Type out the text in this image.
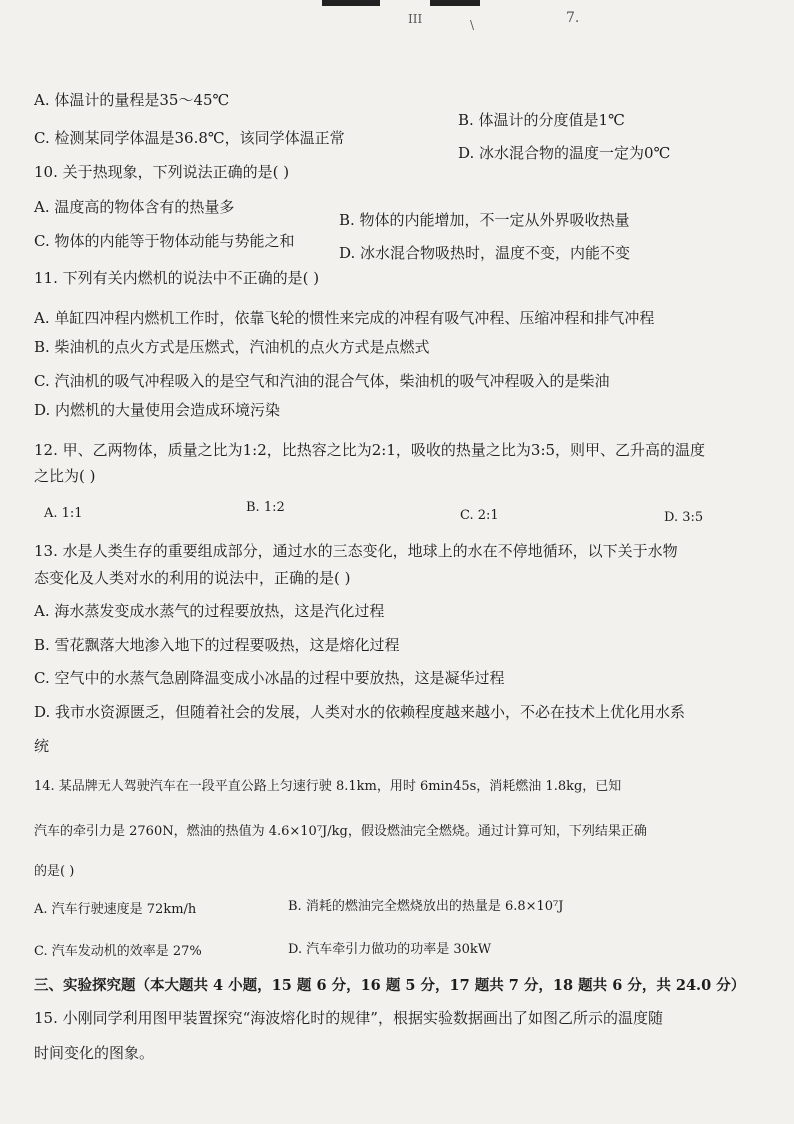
III	\	7.
A. 体温计的量程是35～45℃
B. 体温计的分度值是1℃
C. 检测某同学体温是36.8℃，该同学体温正常
D. 冰水混合物的温度一定为0℃
10. 关于热现象，下列说法正确的是( )
A. 温度高的物体含有的热量多
B. 物体的内能增加，不一定从外界吸收热量
C. 物体的内能等于物体动能与势能之和
D. 冰水混合物吸热时，温度不变，内能不变
11. 下列有关内燃机的说法中不正确的是( )
A. 单缸四冲程内燃机工作时，依靠飞轮的惯性来完成的冲程有吸气冲程、压缩冲程和排气冲程
B. 柴油机的点火方式是压燃式，汽油机的点火方式是点燃式
C. 汽油机的吸气冲程吸入的是空气和汽油的混合气体，柴油机的吸气冲程吸入的是柴油
D. 内燃机的大量使用会造成环境污染
12. 甲、乙两物体，质量之比为1:2，比热容之比为2:1，吸收的热量之比为3:5，则甲、乙升高的温度
之比为( )
A. 1:1	B. 1:2
C. 2:1	D. 3:5
13. 水是人类生存的重要组成部分，通过水的三态变化，地球上的水在不停地循环，以下关于水物
态变化及人类对水的利用的说法中，正确的是( )
A. 海水蒸发变成水蒸气的过程要放热，这是汽化过程
B. 雪花飘落大地渗入地下的过程要吸热，这是熔化过程
C. 空气中的水蒸气急剧降温变成小冰晶的过程中要放热，这是凝华过程
D. 我市水资源匮乏，但随着社会的发展，人类对水的依赖程度越来越小，不必在技术上优化用水系
统
14. 某品牌无人驾驶汽车在一段平直公路上匀速行驶 8.1km，用时 6min45s，消耗燃油 1.8kg，已知
汽车的牵引力是 2760N，燃油的热值为 4.6×10⁷J/kg，假设燃油完全燃烧。通过计算可知，下列结果正确
的是( )
A. 汽车行驶速度是 72km/h	B. 消耗的燃油完全燃烧放出的热量是 6.8×10⁷J
C. 汽车发动机的效率是 27%	D. 汽车牵引力做功的功率是 30kW
三、实验探究题（本大题共 4 小题，15 题 6 分，16 题 5 分，17 题共 7 分，18 题共 6 分，共 24.0 分）
15. 小刚同学利用图甲装置探究“海波熔化时的规律”，根据实验数据画出了如图乙所示的温度随
时间变化的图象。
